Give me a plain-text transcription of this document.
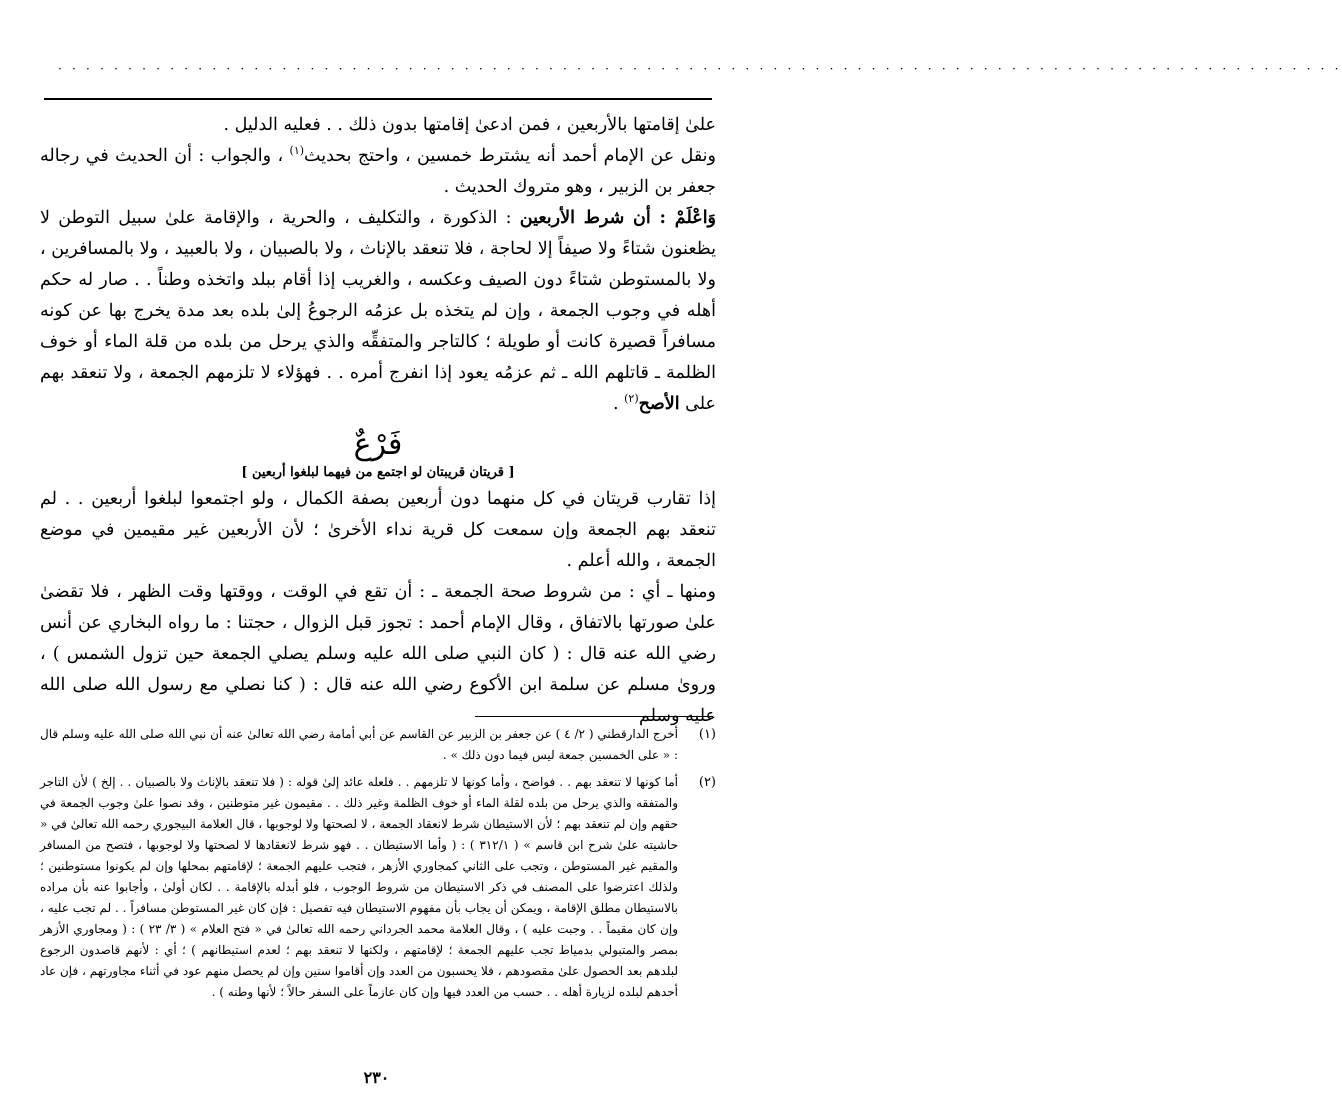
· · · · · · · · · · · · · · · · · · · · · · · · · · · · · · · · · · · · · · · · · · · · · · · · · · · · · · · · · · · · · · · · · · · · · · · · · · · · · · · · · · · · · · · · · · · ·

علىٰ إقامتها بالأربعين ، فمن ادعىٰ إقامتها بدون ذلك . . فعليه الدليل .

ونقل عن الإمام أحمد أنه يشترط خمسين ، واحتج بحديث$^{(١)}$ ، والجواب : أن الحديث في رجاله جعفر بن الزبير ، وهو متروك الحديث .

وَاعْلَمْ : أن شرط الأربعين : الذكورة ، والتكليف ، والحرية ، والإقامة علىٰ سبيل التوطن لا يظعنون شتاءً ولا صيفاً إلا لحاجة ، فلا تنعقد بالإناث ، ولا بالصبيان ، ولا بالعبيد ، ولا بالمسافرين ، ولا بالمستوطن شتاءً دون الصيف وعكسه ، والغريب إذا أقام ببلد واتخذه وطناً . . صار له حكم أهله في وجوب الجمعة ، وإن لم يتخذه بل عزمُه الرجوعُ إلىٰ بلده بعد مدة يخرج بها عن كونه مسافراً قصيرة كانت أو طويلة ؛ كالتاجر والمتفقِّه والذي يرحل من بلده من قلة الماء أو خوف الظلمة ـ قاتلهم الله ـ ثم عزمُه يعود إذا انفرج أمره . . فهؤلاء لا تلزمهم الجمعة ، ولا تنعقد بهم على الأصح$^{(٢)}$ .

فَرْعٌ
[ قريتان قريبتان لو اجتمع من فيهما لبلغوا أربعين ]

إذا تقارب قريتان في كل منهما دون أربعين بصفة الكمال ، ولو اجتمعوا لبلغوا أربعين . . لم تنعقد بهم الجمعة وإن سمعت كل قرية نداء الأخرىٰ ؛ لأن الأربعين غير مقيمين في موضع الجمعة ، والله أعلم .

ومنها ـ أي : من شروط صحة الجمعة ـ : أن تقع في الوقت ، ووقتها وقت الظهر ، فلا تقضىٰ علىٰ صورتها بالاتفاق ، وقال الإمام أحمد : تجوز قبل الزوال ، حجتنا : ما رواه البخاري عن أنس رضي الله عنه قال : ( كان النبي صلى الله عليه وسلم يصلي الجمعة حين تزول الشمس ) ، وروىٰ مسلم عن سلمة ابن الأكوع رضي الله عنه قال : ( كنا نصلي مع رسول الله صلى الله عليه وسلم

(١)
أخرج الدارقطني ( ٢/ ٤ ) عن جعفر بن الزبير عن القاسم عن أبي أمامة رضي الله تعالىٰ عنه أن نبي الله صلى الله عليه وسلم قال : « على الخمسين جمعة ليس فيما دون ذلك » .
(٢)
أما كونها لا تنعقد بهم . . فواضح ، وأما كونها لا تلزمهم . . فلعله عائد إلىٰ قوله : ( فلا تنعقد بالإناث ولا بالصبيان . . إلخ ) لأن التاجر والمتفقه والذي يرحل من بلده لقلة الماء أو خوف الظلمة وغير ذلك . . مقيمون غير متوطنين ، وقد نصوا علىٰ وجوب الجمعة في حقهم وإن لم تنعقد بهم ؛ لأن الاستيطان شرط لانعقاد الجمعة ، لا لصحتها ولا لوجوبها ، قال العلامة البيجوري رحمه الله تعالىٰ في « حاشيته علىٰ شرح ابن قاسم » ( ٣١٢/١ ) : ( وأما الاستيطان . . فهو شرط لانعقادها لا لصحتها ولا لوجوبها ، فتصح من المسافر والمقيم غير المستوطن ، وتجب على الثاني كمجاوري الأزهر ، فتجب عليهم الجمعة ؛ لإقامتهم بمحلها وإن لم يكونوا مستوطنين ؛ ولذلك اعترضوا على المصنف في ذكر الاستيطان من شروط الوجوب ، فلو أبدله بالإقامة . . لكان أولىٰ ، وأجابوا عنه بأن مراده بالاستيطان مطلق الإقامة ، ويمكن أن يجاب بأن مفهوم الاستيطان فيه تفصيل : فإن كان غير المستوطن مسافراً . . لم تجب عليه ، وإن كان مقيماً . . وجبت عليه ) ، وقال العلامة محمد الجرداني رحمه الله تعالىٰ في « فتح العلام » ( ٣/ ٢٣ ) : ( ومجاوري الأزهر بمصر والمتبولي بدمياط تجب عليهم الجمعة ؛ لإقامتهم ، ولكنها لا تنعقد بهم ؛ لعدم استيطانهم ) ؛ أي : لأنهم قاصدون الرجوع لبلدهم بعد الحصول علىٰ مقصودهم ، فلا يحسبون من العدد وإن أقاموا سنين وإن لم يحصل منهم عود في أثناء مجاورتهم ، فإن عاد أحدهم لبلده لزيارة أهله . . حسب من العدد فيها وإن كان عازماً على السفر حالاً ؛ لأنها وطنه ) .
٢٣٠
